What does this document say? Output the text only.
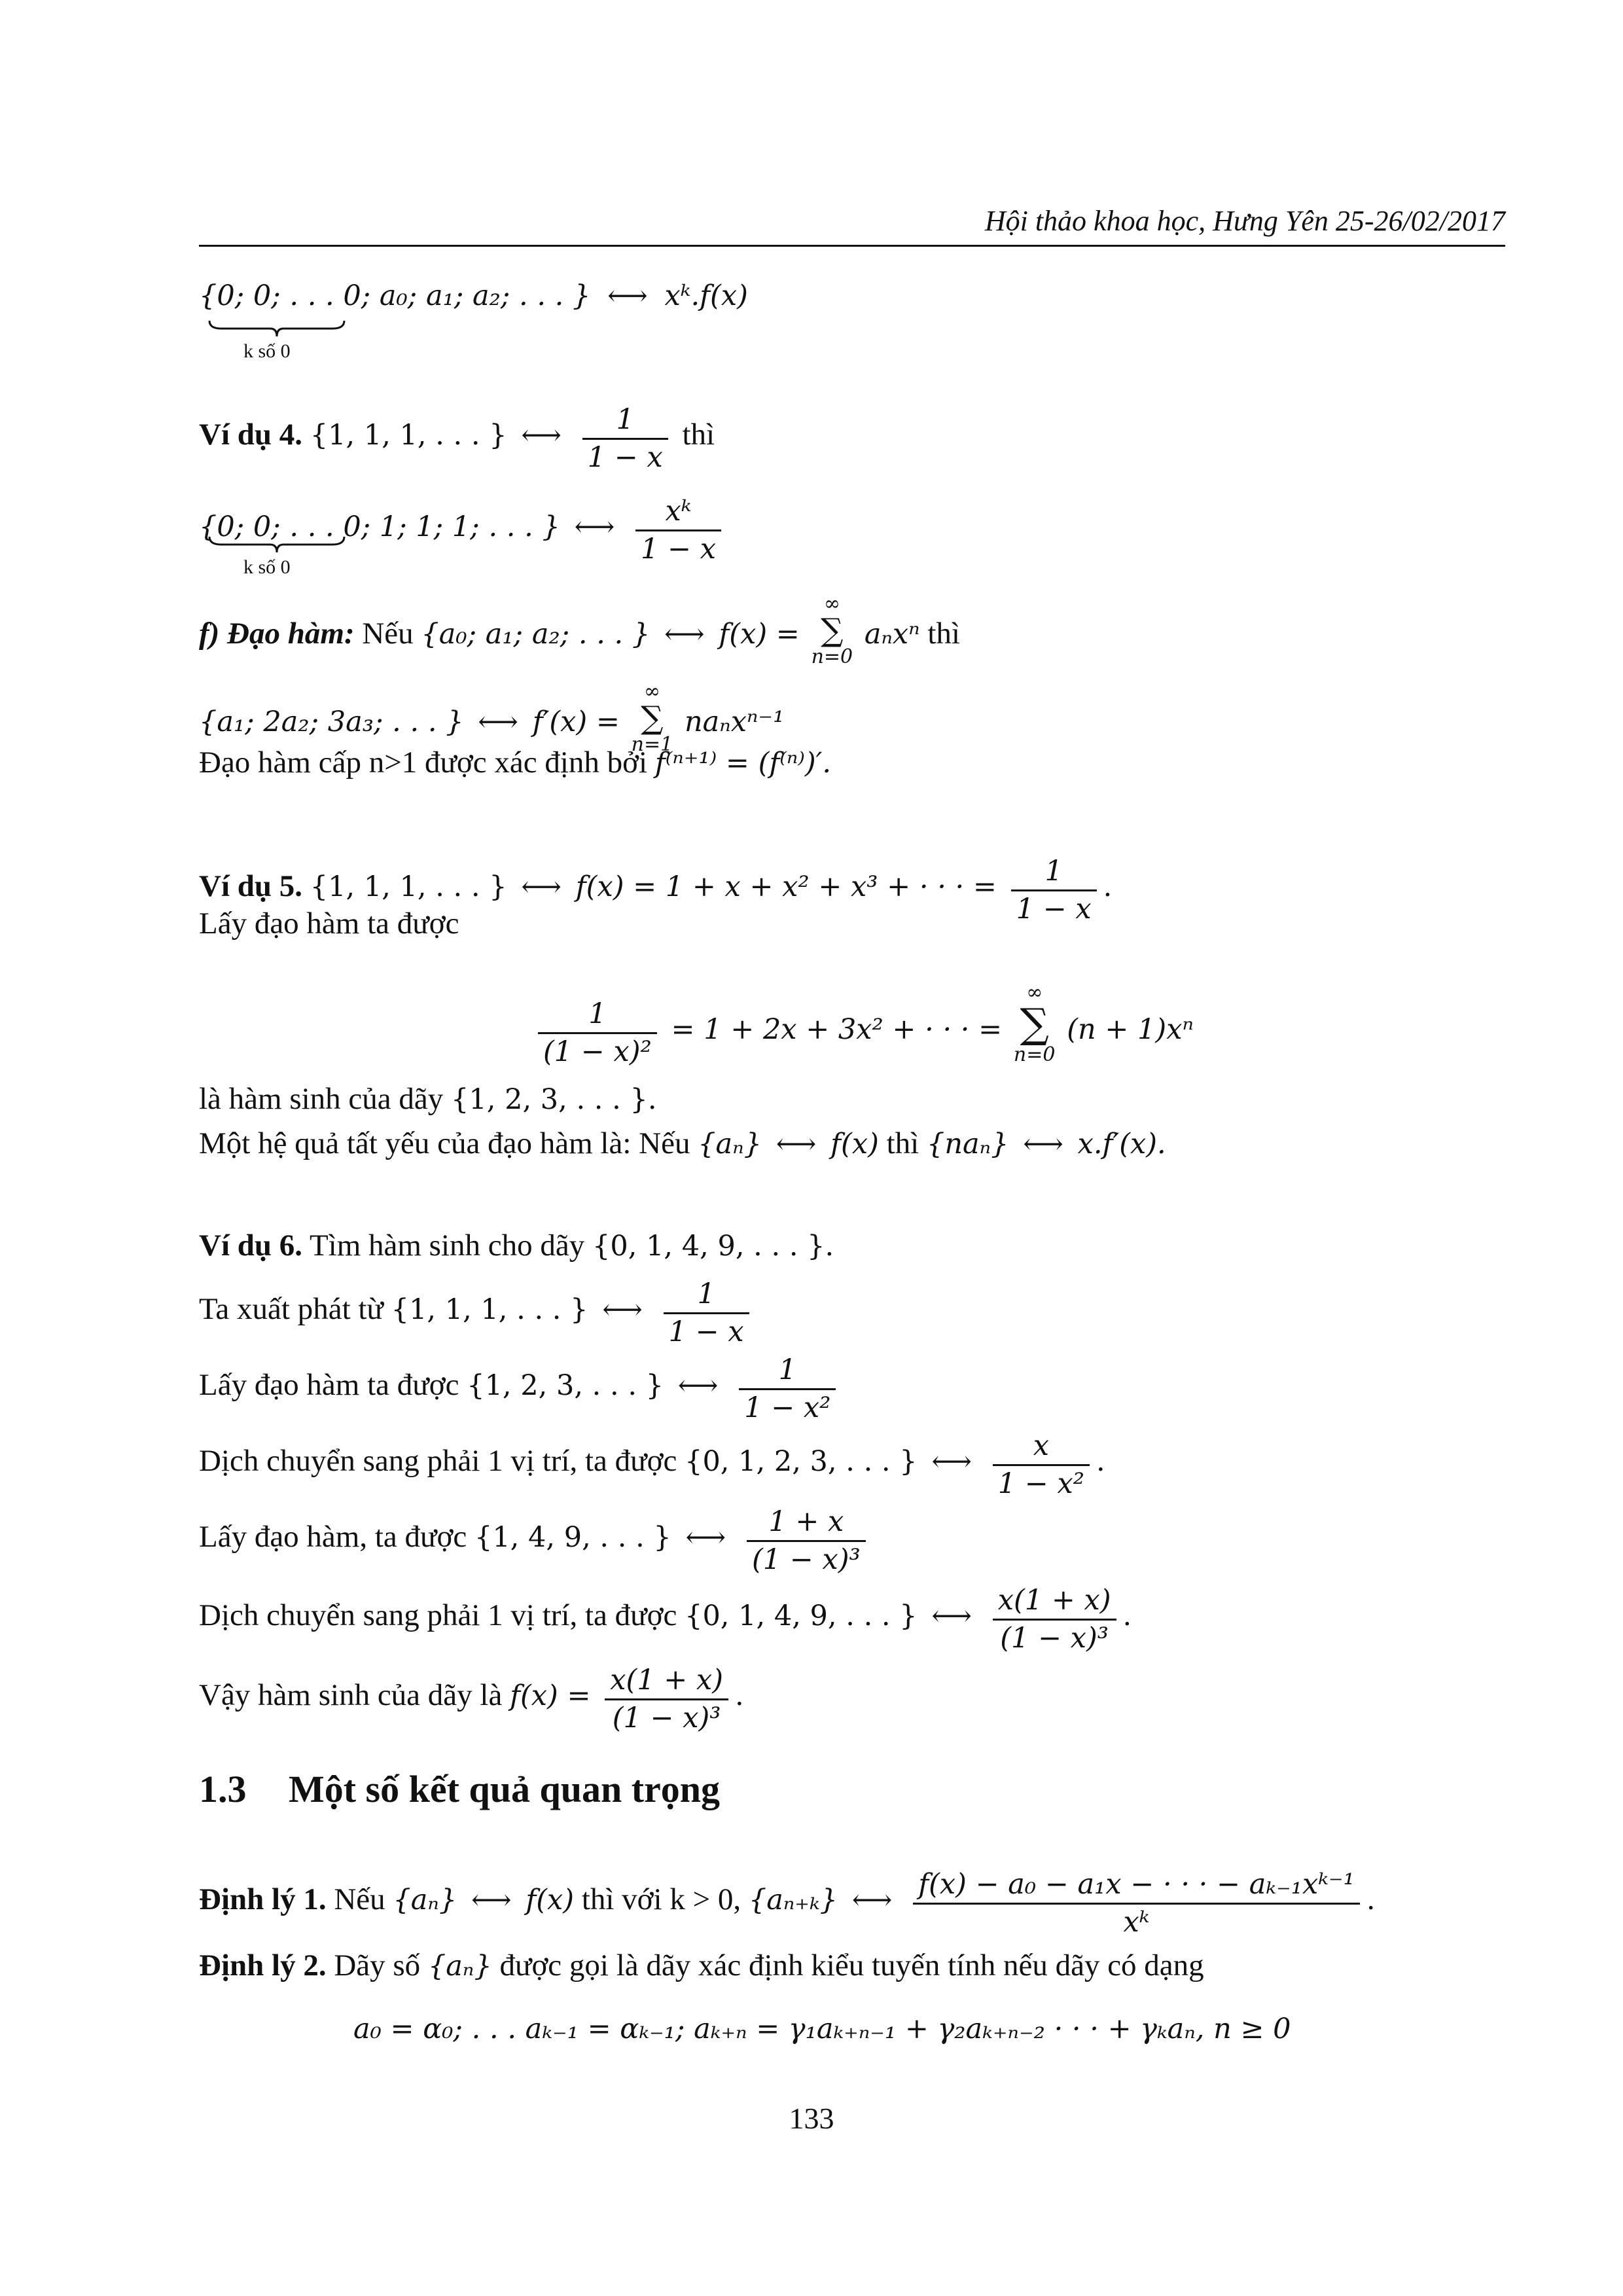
Hội thảo khoa học, Hưng Yên 25-26/02/2017
{0; 0; . . . 0; a₀; a₁; a₂; . . . } ⟷ xᵏ.f(x)
k số 0
Ví dụ 4. {1, 1, 1, . . . } ⟷ $\frac{1}{1 - x}$ thì
{0; 0; . . . 0; 1; 1; 1; . . . } ⟷ $\frac{\text{xᵏ}}{1 - x}$
k số 0
f) Đạo hàm: Nếu {a₀; a₁; a₂; . . . } ⟷ f(x) =
∞
∑
n=0
aₙxⁿ thì
{a₁; 2a₂; 3a₃; . . . } ⟷ f′(x) =
∞
∑
n=1
naₙxⁿ⁻¹
Đạo hàm cấp n>1 được xác định bởi f⁽ⁿ⁺¹⁾ = (f⁽ⁿ⁾)′.
Ví dụ 5. {1, 1, 1, . . . } ⟷ f(x) = 1 + x + x² + x³ + · · · = $\frac{1}{1 - x}$ .
Lấy đạo hàm ta được
$\frac{1}{\text{(1 − x)²}} = 1 + 2x + 3x^2$ + · · · =
∞
∑
n=0
(n + 1)xⁿ
là hàm sinh của dãy {1, 2, 3, . . . }.
Một hệ quả tất yếu của đạo hàm là: Nếu {aₙ} ⟷ f(x) thì {naₙ} ⟷ x.f′(x).
Ví dụ 6. Tìm hàm sinh cho dãy {0, 1, 4, 9, . . . }.
Ta xuất phát từ {1, 1, 1, . . . } ⟷ $\frac{1}{1 - x}$
Lấy đạo hàm ta được {1, 2, 3, . . . } ⟷ $\frac{1}{\text{1 − x²}}$
Dịch chuyển sang phải 1 vị trí, ta được {0, 1, 2, 3, . . . } ⟷ $\frac{x}{\text{1 − x²}}$ .
Lấy đạo hàm, ta được {1, 4, 9, . . . } ⟷ $\frac{1 + x}{\text{(1 − x)³}}$
Dịch chuyển sang phải 1 vị trí, ta được {0, 1, 4, 9, . . . } ⟷ $\frac{x(1 + x)}{\text{(1 − x)³}}$ .
Vậy hàm sinh của dãy là $f(x) = \frac{x(1 + x)}{\text{(1 − x)³}}$ .
1.3 Một số kết quả quan trọng
Định lý 1. Nếu {aₙ} ⟷ f(x) thì với k > 0, {aₙ₊ₖ} ⟷ $\frac{\text{f(x) − a₀ − a₁x − · · · − aₖ₋₁xᵏ⁻¹}}{\text{xᵏ}}$ .
Định lý 2. Dãy số {aₙ} được gọi là dãy xác định kiểu tuyến tính nếu dãy có dạng
a₀ = α₀; . . . aₖ₋₁ = αₖ₋₁; aₖ₊ₙ = γ₁aₖ₊ₙ₋₁ + γ₂aₖ₊ₙ₋₂ · · · + γₖaₙ, n ≥ 0
133
